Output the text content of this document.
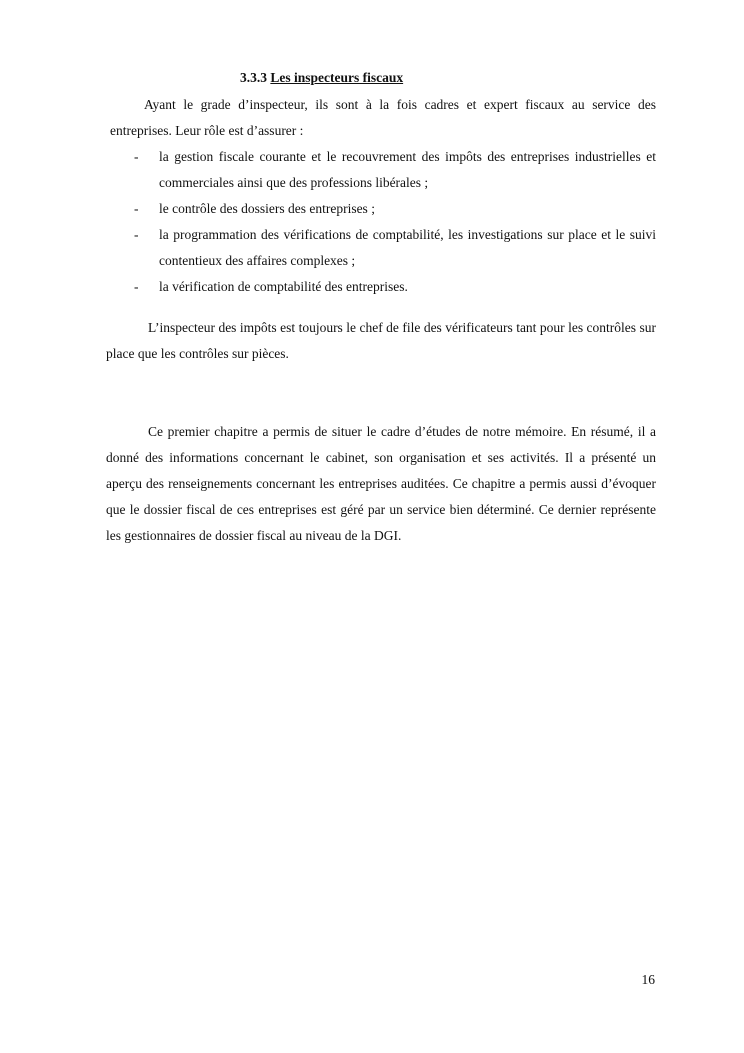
3.3.3 Les inspecteurs fiscaux

Ayant le grade d’inspecteur, ils sont à la fois cadres et expert fiscaux au service des entreprises. Leur rôle est d’assurer :

- la gestion fiscale courante et le recouvrement des impôts des entreprises industrielles et commerciales ainsi que des professions libérales ;
- le contrôle des dossiers des entreprises ;
- la programmation des vérifications de comptabilité, les investigations sur place et le suivi contentieux des affaires complexes ;
- la vérification de comptabilité des entreprises.

L’inspecteur des impôts est toujours le chef de file des vérificateurs tant pour les contrôles sur place que les contrôles sur pièces.

Ce premier chapitre a permis de situer le cadre d’études de notre mémoire. En résumé, il a donné des informations concernant le cabinet, son organisation et ses activités. Il a présenté un aperçu des renseignements concernant les entreprises auditées. Ce chapitre a permis aussi d’évoquer que le dossier fiscal de ces entreprises est géré par un service bien déterminé. Ce dernier représente les gestionnaires de dossier fiscal au niveau de la DGI.

16
